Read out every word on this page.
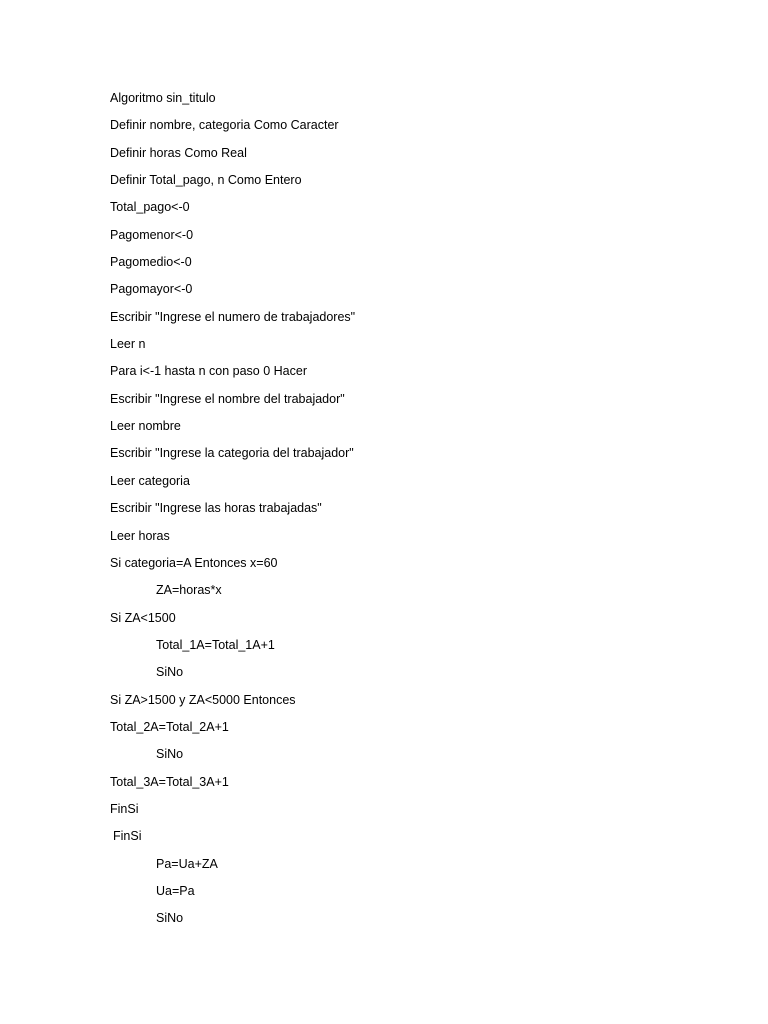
Algoritmo sin_titulo

Definir nombre, categoria Como Caracter

Definir horas Como Real

Definir Total_pago, n Como Entero

Total_pago<-0

Pagomenor<-0

Pagomedio<-0

Pagomayor<-0

Escribir "Ingrese el numero de trabajadores"

Leer n

Para i<-1 hasta n con paso 0 Hacer

Escribir "Ingrese el nombre del trabajador"

Leer nombre

Escribir "Ingrese la categoria del trabajador"

Leer categoria

Escribir "Ingrese las horas trabajadas"

Leer horas

Si categoria=A Entonces x=60

ZA=horas*x

Si ZA<1500

Total_1A=Total_1A+1

SiNo

Si ZA>1500 y ZA<5000 Entonces

Total_2A=Total_2A+1

SiNo

Total_3A=Total_3A+1

FinSi

FinSi

Pa=Ua+ZA

Ua=Pa

SiNo
